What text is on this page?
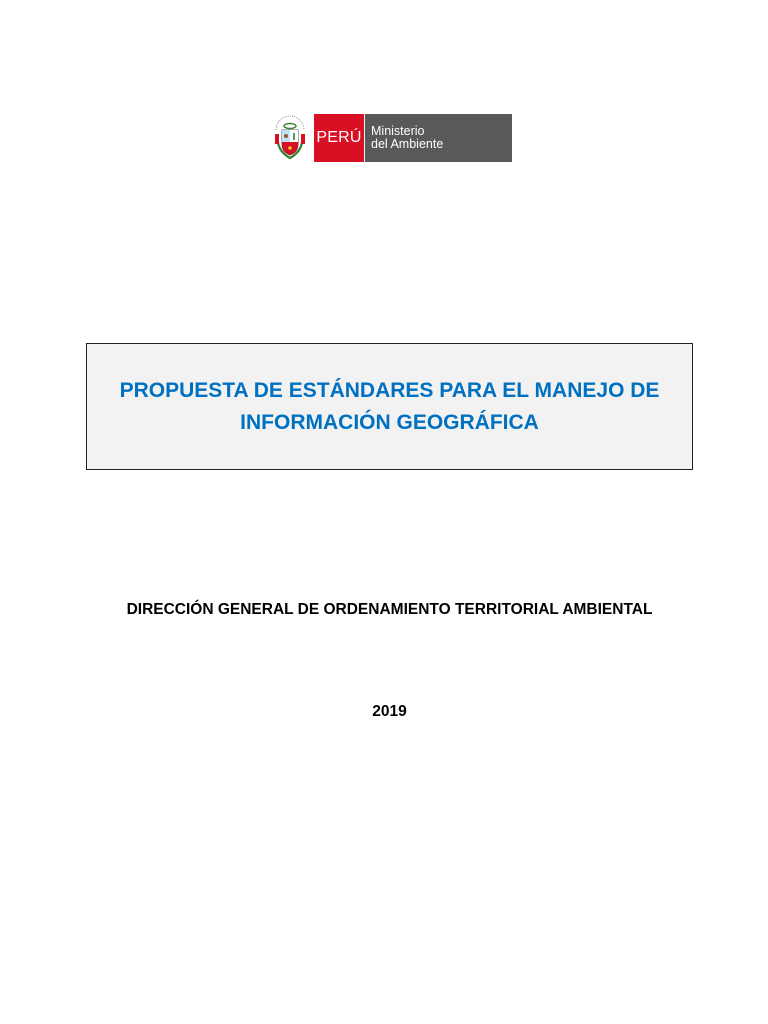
PERÚ Ministerio
del Ambiente
PROPUESTA DE ESTÁNDARES PARA EL MANEJO DE
INFORMACIÓN GEOGRÁFICA
DIRECCIÓN GENERAL DE ORDENAMIENTO TERRITORIAL AMBIENTAL
2019
